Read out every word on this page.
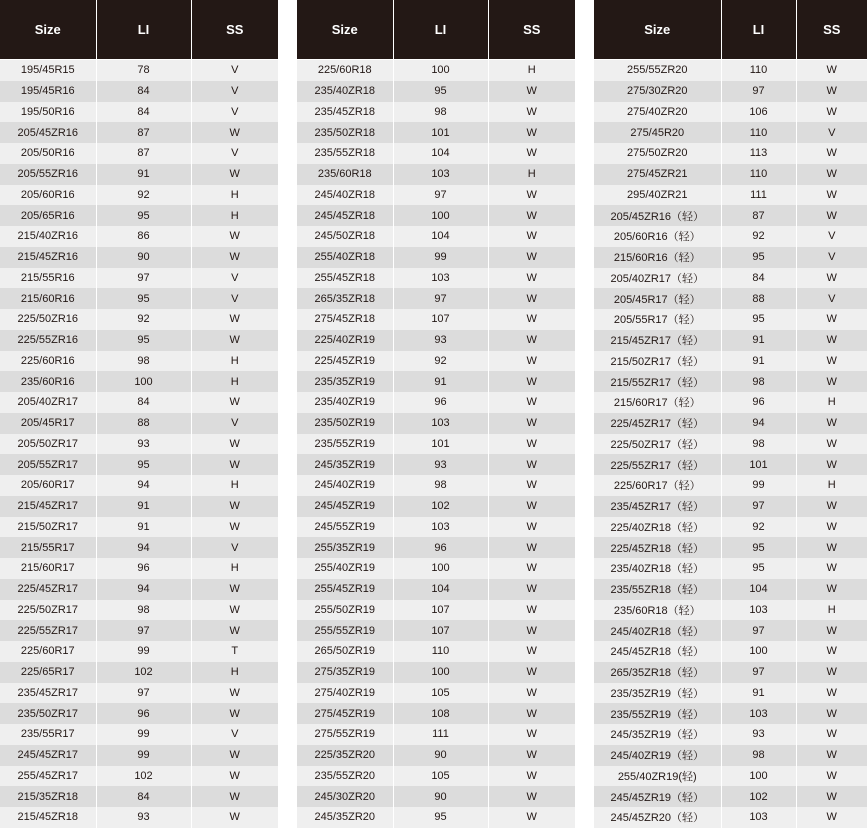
Size	LI	SS
195/45R15	78	V
195/45R16	84	V
195/50R16	84	V
205/45ZR16	87	W
205/50R16	87	V
205/55ZR16	91	W
205/60R16	92	H
205/65R16	95	H
215/40ZR16	86	W
215/45ZR16	90	W
215/55R16	97	V
215/60R16	95	V
225/50ZR16	92	W
225/55ZR16	95	W
225/60R16	98	H
235/60R16	100	H
205/40ZR17	84	W
205/45R17	88	V
205/50ZR17	93	W
205/55ZR17	95	W
205/60R17	94	H
215/45ZR17	91	W
215/50ZR17	91	W
215/55R17	94	V
215/60R17	96	H
225/45ZR17	94	W
225/50ZR17	98	W
225/55ZR17	97	W
225/60R17	99	T
225/65R17	102	H
235/45ZR17	97	W
235/50ZR17	96	W
235/55R17	99	V
245/45ZR17	99	W
255/45ZR17	102	W
215/35ZR18	84	W
215/45ZR18	93	W
Size	LI	SS
225/60R18	100	H
235/40ZR18	95	W
235/45ZR18	98	W
235/50ZR18	101	W
235/55ZR18	104	W
235/60R18	103	H
245/40ZR18	97	W
245/45ZR18	100	W
245/50ZR18	104	W
255/40ZR18	99	W
255/45ZR18	103	W
265/35ZR18	97	W
275/45ZR18	107	W
225/40ZR19	93	W
225/45ZR19	92	W
235/35ZR19	91	W
235/40ZR19	96	W
235/50ZR19	103	W
235/55ZR19	101	W
245/35ZR19	93	W
245/40ZR19	98	W
245/45ZR19	102	W
245/55ZR19	103	W
255/35ZR19	96	W
255/40ZR19	100	W
255/45ZR19	104	W
255/50ZR19	107	W
255/55ZR19	107	W
265/50ZR19	110	W
275/35ZR19	100	W
275/40ZR19	105	W
275/45ZR19	108	W
275/55ZR19	111	W
225/35ZR20	90	W
235/55ZR20	105	W
245/30ZR20	90	W
245/35ZR20	95	W
Size	LI	SS
255/55ZR20	110	W
275/30ZR20	97	W
275/40ZR20	106	W
275/45R20	110	V
275/50ZR20	113	W
275/45ZR21	110	W
295/40ZR21	111	W
205/45ZR16（轻）	87	W
205/60R16（轻）	92	V
215/60R16（轻）	95	V
205/40ZR17（轻）	84	W
205/45R17（轻）	88	V
205/55R17（轻）	95	W
215/45ZR17（轻）	91	W
215/50ZR17（轻）	91	W
215/55ZR17（轻）	98	W
215/60R17（轻）	96	H
225/45ZR17（轻）	94	W
225/50ZR17（轻）	98	W
225/55ZR17（轻）	101	W
225/60R17（轻）	99	H
235/45ZR17（轻）	97	W
225/40ZR18（轻）	92	W
225/45ZR18（轻）	95	W
235/40ZR18（轻）	95	W
235/55ZR18（轻）	104	W
235/60R18（轻）	103	H
245/40ZR18（轻）	97	W
245/45ZR18（轻）	100	W
265/35ZR18（轻）	97	W
235/35ZR19（轻）	91	W
235/55ZR19（轻）	103	W
245/35ZR19（轻）	93	W
245/40ZR19（轻）	98	W
255/40ZR19(轻)	100	W
245/45ZR19（轻）	102	W
245/45ZR20（轻）	103	W
